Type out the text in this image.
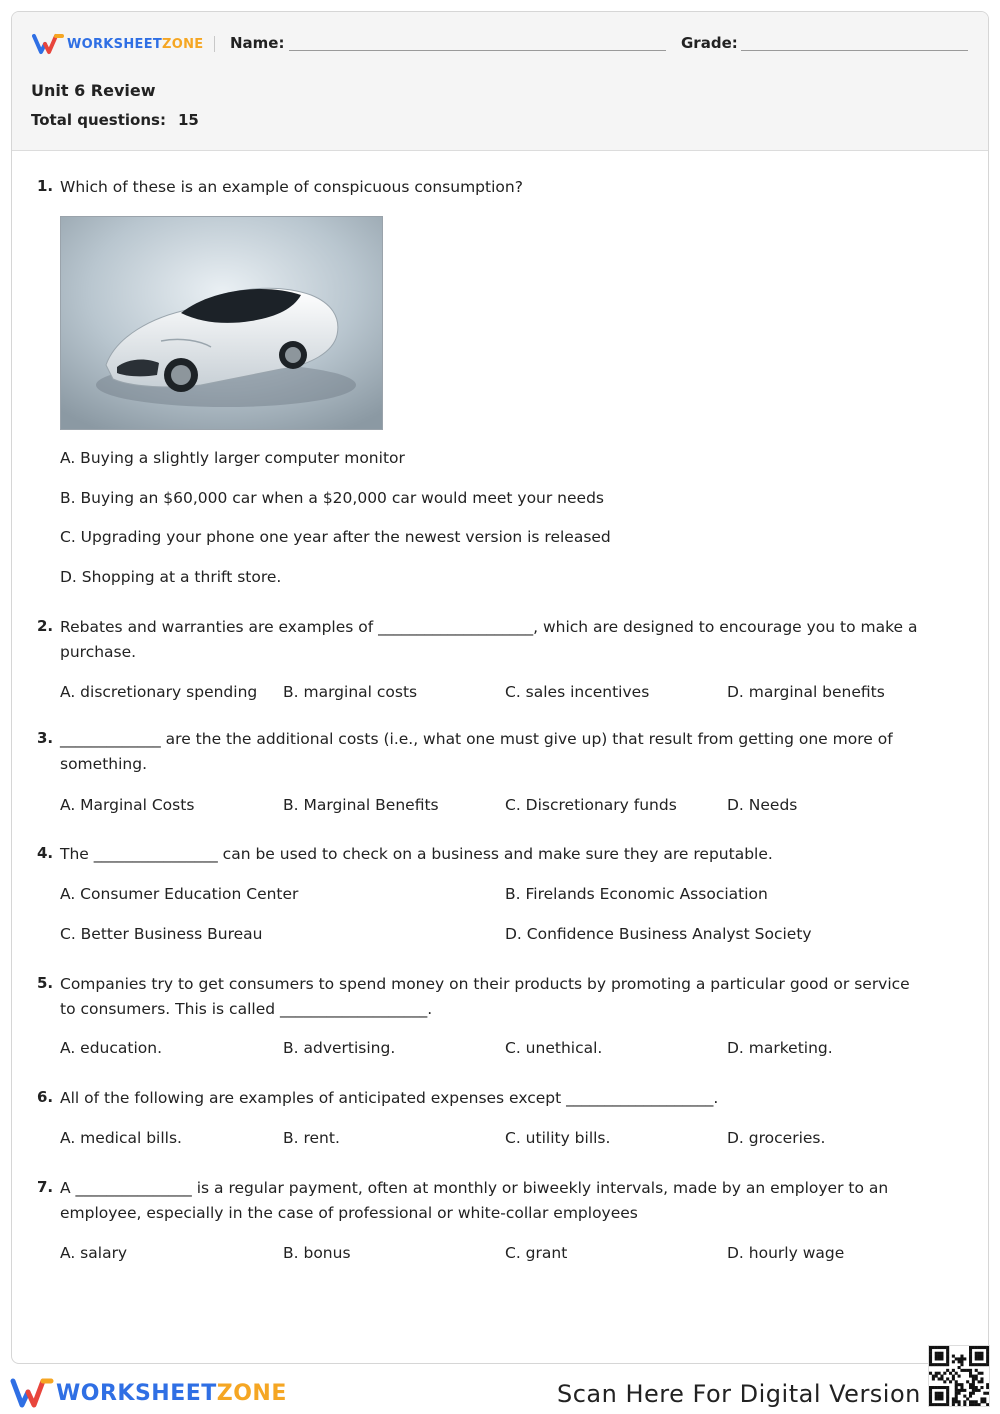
WORKSHEETZONE Name:	Grade:
Unit 6 Review
Total questions: 15
1. Which of these is an example of conspicuous consumption?
A. Buying a slightly larger computer monitor
B. Buying an $60,000 car when a $20,000 car would meet your needs
C. Upgrading your phone one year after the newest version is released
D. Shopping at a thrift store.
2. Rebates and warranties are examples of ____________________, which are designed to encourage you to make a purchase.
A. discretionary spending B. marginal costs	C. sales incentives	D. marginal benefits
3. _____________ are the the additional costs (i.e., what one must give up) that result from getting one more of something.
A. Marginal Costs	B. Marginal Benefits	C. Discretionary funds	D. Needs
4. The ________________ can be used to check on a business and make sure they are reputable.
A. Consumer Education Center	B. Firelands Economic Association
C. Better Business Bureau	D. Confidence Business Analyst Society
5. Companies try to get consumers to spend money on their products by promoting a particular good or service to consumers. This is called ___________________.
A. education.	B. advertising.	C. unethical.	D. marketing.
6. All of the following are examples of anticipated expenses except ___________________.
A. medical bills.	B. rent.	C. utility bills.	D. groceries.
7. A _______________ is a regular payment, often at monthly or biweekly intervals, made by an employer to an employee, especially in the case of professional or white-collar employees
A. salary	B. bonus	C. grant	D. hourly wage
WORKSHEETZONE	Scan Here For Digital Version
